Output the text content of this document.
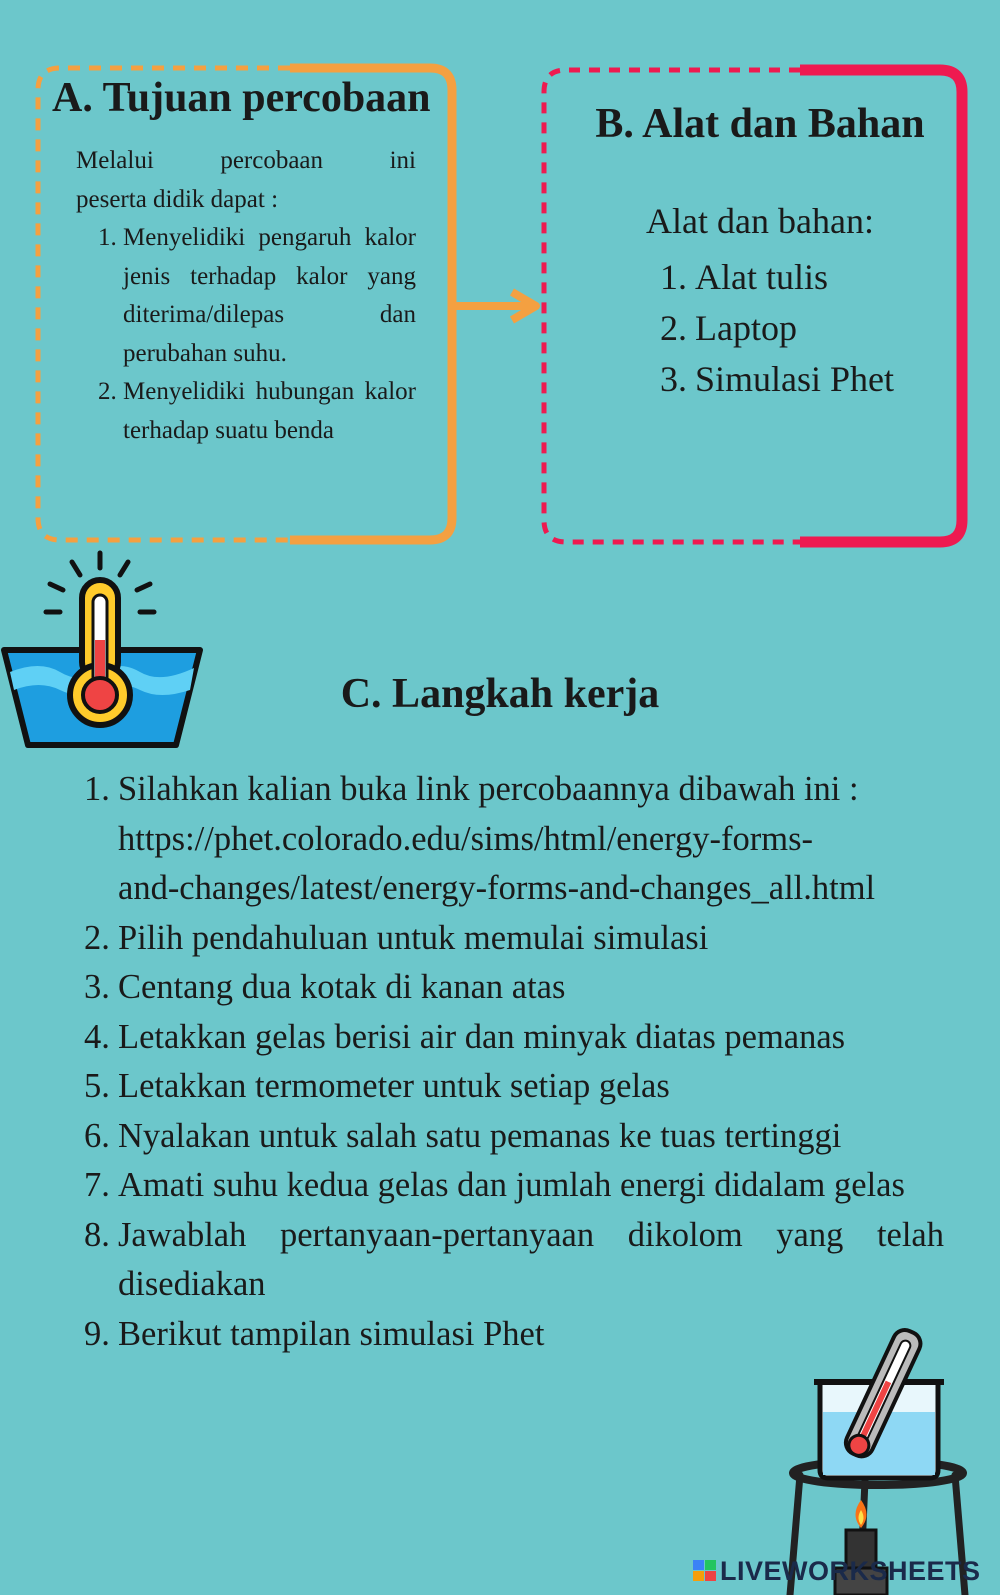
A. Tujuan percobaan

Melalui percobaan ini

peserta didik dapat :

1. Menyelidiki pengaruh kalor jenis terhadap kalor yang diterima/dilepas dan perubahan suhu.
2. Menyelidiki hubungan kalor terhadap suatu benda
B. Alat dan Bahan
Alat dan bahan:
1. Alat tulis
2. Laptop
3. Simulasi Phet
C. Langkah kerja
1. Silahkan kalian buka link percobaannya dibawah ini :
https://phet.colorado.edu/sims/html/energy-forms-
and-changes/latest/energy-forms-and-changes_all.html
2. Pilih pendahuluan untuk memulai simulasi
3. Centang dua kotak di kanan atas
4. Letakkan gelas berisi air dan minyak diatas pemanas
5. Letakkan termometer untuk setiap gelas
6. Nyalakan untuk salah satu pemanas ke tuas tertinggi
7. Amati suhu kedua gelas dan jumlah energi didalam gelas
8. Jawablah pertanyaan-pertanyaan dikolom yang telah disediakan
9. Berikut tampilan simulasi Phet
LIVEWORKSHEETS
